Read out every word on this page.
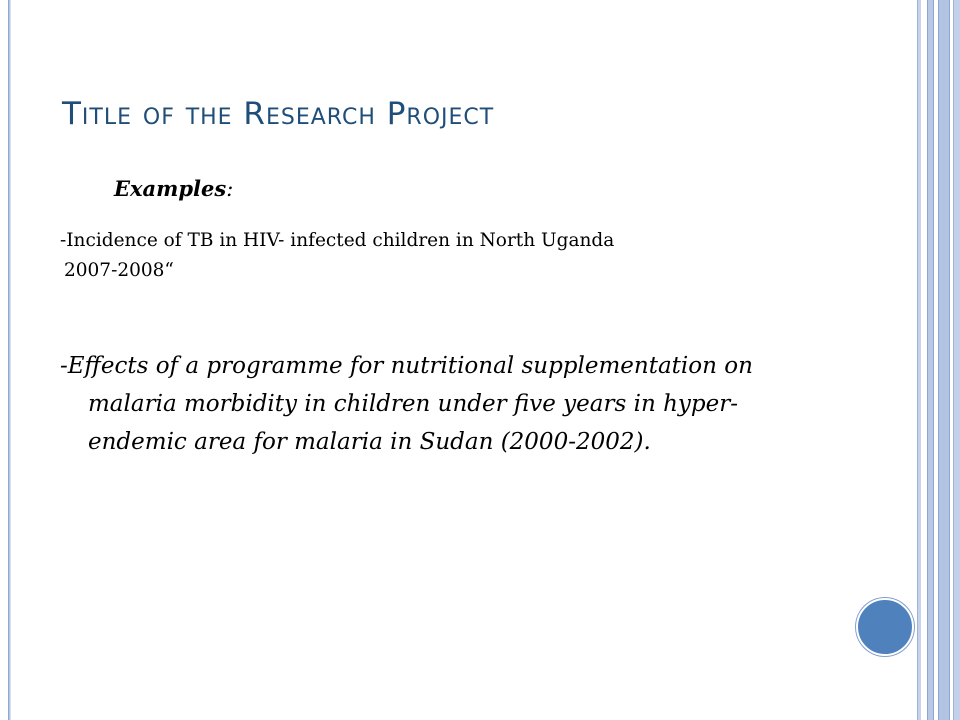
Title of the Research Project
Examples:
-Incidence of TB in HIV- infected children in North Uganda
2007-2008“
-Effects of a programme for nutritional supplementation on
malaria morbidity in children under five years in hyper-
endemic area for malaria in Sudan (2000-2002).
